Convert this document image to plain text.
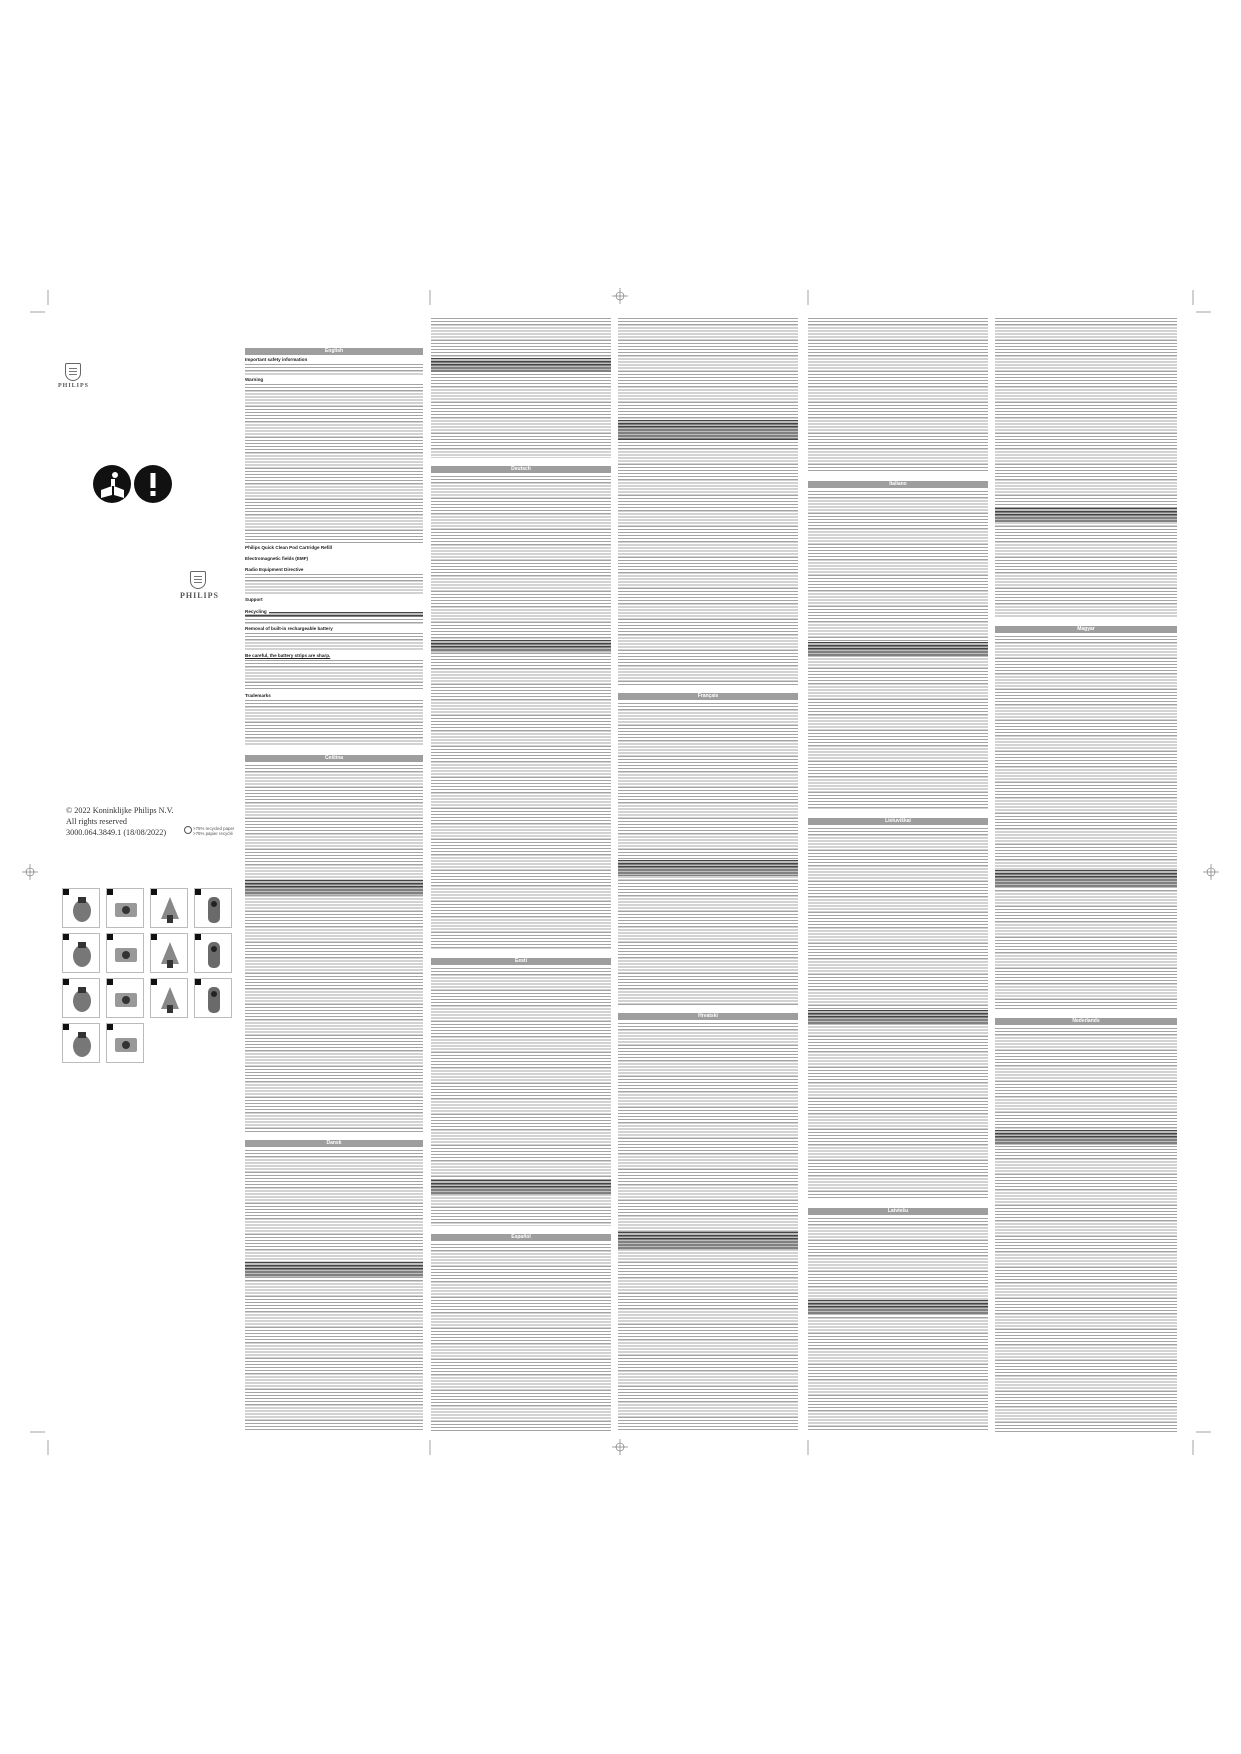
PHILIPS
PHILIPS
© 2022 Koninklijke Philips N.V.
All rights reserved
3000.064.3849.1 (18/08/2022)	>75% recycled paper
>75% papier recyclé
English
Čeština
Dansk
Deutsch
Eesti
Español
Français
Hrvatski
Italiano
Lietuviškai
Latviešu
Magyar
Nederlands
Important safety information
Warning
Philips Quick Clean Pod Cartridge Refill
Electromagnetic fields (EMF)
Radio Equipment Directive
Support
Recycling
Removal of built-in rechargeable battery
Be careful, the battery strips are sharp.
Trademarks
